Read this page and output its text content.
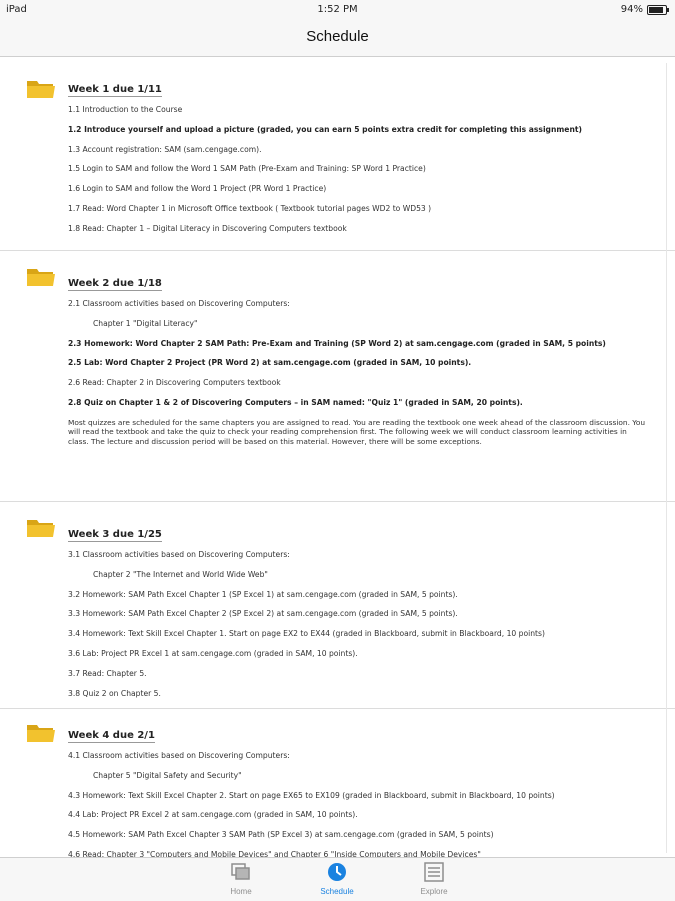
iPad	1:52 PM	94%
Schedule
Week 1 due 1/11
1.1 Introduction to the Course
1.2 Introduce yourself and upload a picture (graded, you can earn 5 points extra credit for completing this assignment)
1.3 Account registration: SAM (sam.cengage.com).
1.5 Login to SAM and follow the Word 1 SAM Path (Pre-Exam and Training: SP Word 1 Practice)
1.6 Login to SAM and follow the Word 1 Project (PR Word 1 Practice)
1.7 Read: Word Chapter 1 in Microsoft Office textbook ( Textbook tutorial pages WD2 to WD53 )
1.8 Read: Chapter 1 – Digital Literacy in Discovering Computers textbook
Week 2 due 1/18
2.1 Classroom activities based on Discovering Computers:
Chapter 1 "Digital Literacy"
2.3 Homework: Word Chapter 2 SAM Path: Pre-Exam and Training (SP Word 2) at sam.cengage.com (graded in SAM, 5 points)
2.5 Lab: Word Chapter 2 Project (PR Word 2) at sam.cengage.com (graded in SAM, 10 points).
2.6 Read: Chapter 2 in Discovering Computers textbook
2.8 Quiz on Chapter 1 & 2 of Discovering Computers – in SAM named: "Quiz 1" (graded in SAM, 20 points).
Most quizzes are scheduled for the same chapters you are assigned to read. You are reading the textbook one week ahead of the classroom discussion. You will read the textbook and take the quiz to check your reading comprehension first. The following week we will conduct classroom learning activities in class. The lecture and discussion period will be based on this material. However, there will be some exceptions.
Week 3 due 1/25
3.1 Classroom activities based on Discovering Computers:
Chapter 2 "The Internet and World Wide Web"
3.2 Homework: SAM Path Excel Chapter 1 (SP Excel 1) at sam.cengage.com (graded in SAM, 5 points).
3.3 Homework: SAM Path Excel Chapter 2 (SP Excel 2) at sam.cengage.com (graded in SAM, 5 points).
3.4 Homework: Text Skill Excel Chapter 1. Start on page EX2 to EX44 (graded in Blackboard, submit in Blackboard, 10 points)
3.6 Lab: Project PR Excel 1 at sam.cengage.com (graded in SAM, 10 points).
3.7 Read: Chapter 5.
3.8 Quiz 2 on Chapter 5.
Week 4 due 2/1
4.1 Classroom activities based on Discovering Computers:
Chapter 5 "Digital Safety and Security"
4.3 Homework: Text Skill Excel Chapter 2. Start on page EX65 to EX109 (graded in Blackboard, submit in Blackboard, 10 points)
4.4 Lab: Project PR Excel 2 at sam.cengage.com (graded in SAM, 10 points).
4.5 Homework: SAM Path Excel Chapter 3 SAM Path (SP Excel 3) at sam.cengage.com (graded in SAM, 5 points)
4.6 Read: Chapter 3 "Computers and Mobile Devices" and Chapter 6 "Inside Computers and Mobile Devices"
Home	Schedule	Explore
